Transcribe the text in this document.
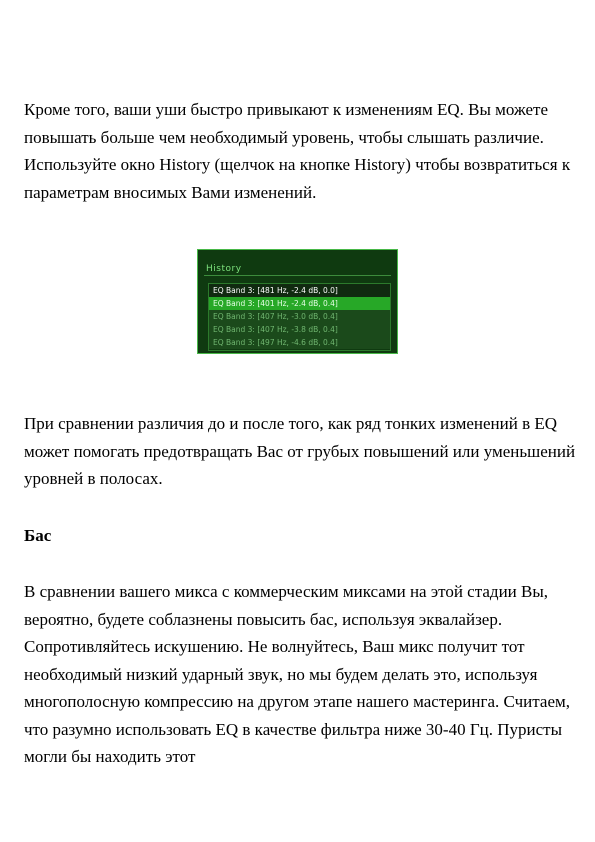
Кроме того, ваши уши быстро привыкают к изменениям EQ. Вы можете повышать больше чем необходимый уровень, чтобы слышать различие. Используйте окно History (щелчок на кнопке History) чтобы возвратиться к параметрам вносимых Вами изменений.

History
EQ Band 3: [481 Hz, -2.4 dB, 0.0]
EQ Band 3: [401 Hz, -2.4 dB, 0.4]
EQ Band 3: [407 Hz, -3.0 dB, 0.4]
EQ Band 3: [407 Hz, -3.8 dB, 0.4]
EQ Band 3: [497 Hz, -4.6 dB, 0.4]

При сравнении различия до и после того, как ряд тонких изменений в EQ может помогать предотвращать Вас от грубых повышений или уменьшений уровней в полосах.

Бас

В сравнении вашего микса с коммерческим миксами на этой стадии Вы, вероятно, будете соблазнены повысить бас, используя эквалайзер. Сопротивляйтесь искушению. Не волнуйтесь, Ваш микс получит тот необходимый низкий ударный звук, но мы будем делать это, используя многополосную компрессию на другом этапе нашего мастеринга. Считаем, что разумно использовать EQ в качестве фильтра ниже 30-40 Гц. Пуристы могли бы находить этот
